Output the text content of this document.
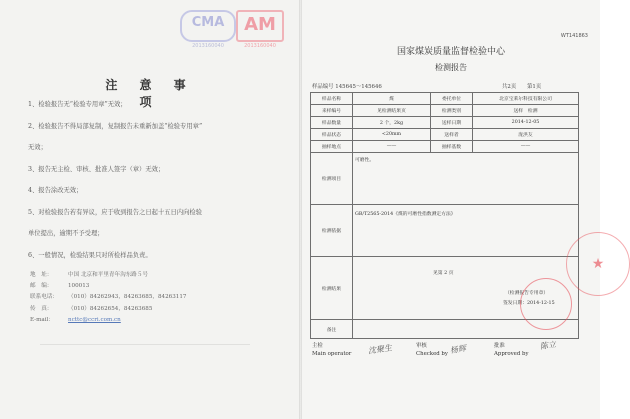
CMA
2013160040
AM
2013160040
注 意 事 项
1、检验报告无“检验专用章”无效；
2、检验报告不得局部复制，复制报告未重新加盖“检验专用章”
无效；
3、报告无主检、审核、批准人签字（章）无效；
4、报告涂改无效；
5、对检验报告若有异议，应于收到报告之日起十五日内向检验
单位提出，逾期不予受理；
6、一般情况，检验结果只对所检样品负责。
地　址：	中国 北京和平里青年沟东路５号
邮　编：	100013
联系电话： （010）84262943，84263685，84263117
传　真：	（010）84262654，84263685
E-mail：	ncttc@ccri.com.cn
WT141863
国家煤炭质量监督检验中心
检测报告
样品编号 145645～145646	共2页　　第1页
样品名称	煤	委托单位	北京宝莱尔科技有限公司
来样编号	见检测结果页	检测类别	送样　检测
样品数量	2 个，2kg	送样日期	2014-12-05
样品状态	<20mm	送样者	庞洪友
抽样地点	——	抽样基数	——
检测项目	可磨性。		
检测依据	GB/T2565-2014《煤的可磨性指数测定方法》		
检测结果	见第 2 页
（检测报告专用章）
签发日期：2014-12-15		

备注			
主检
Main operator
审核
Checked by
批准
Approved by
沈聚生	杨辉	陈立
★
